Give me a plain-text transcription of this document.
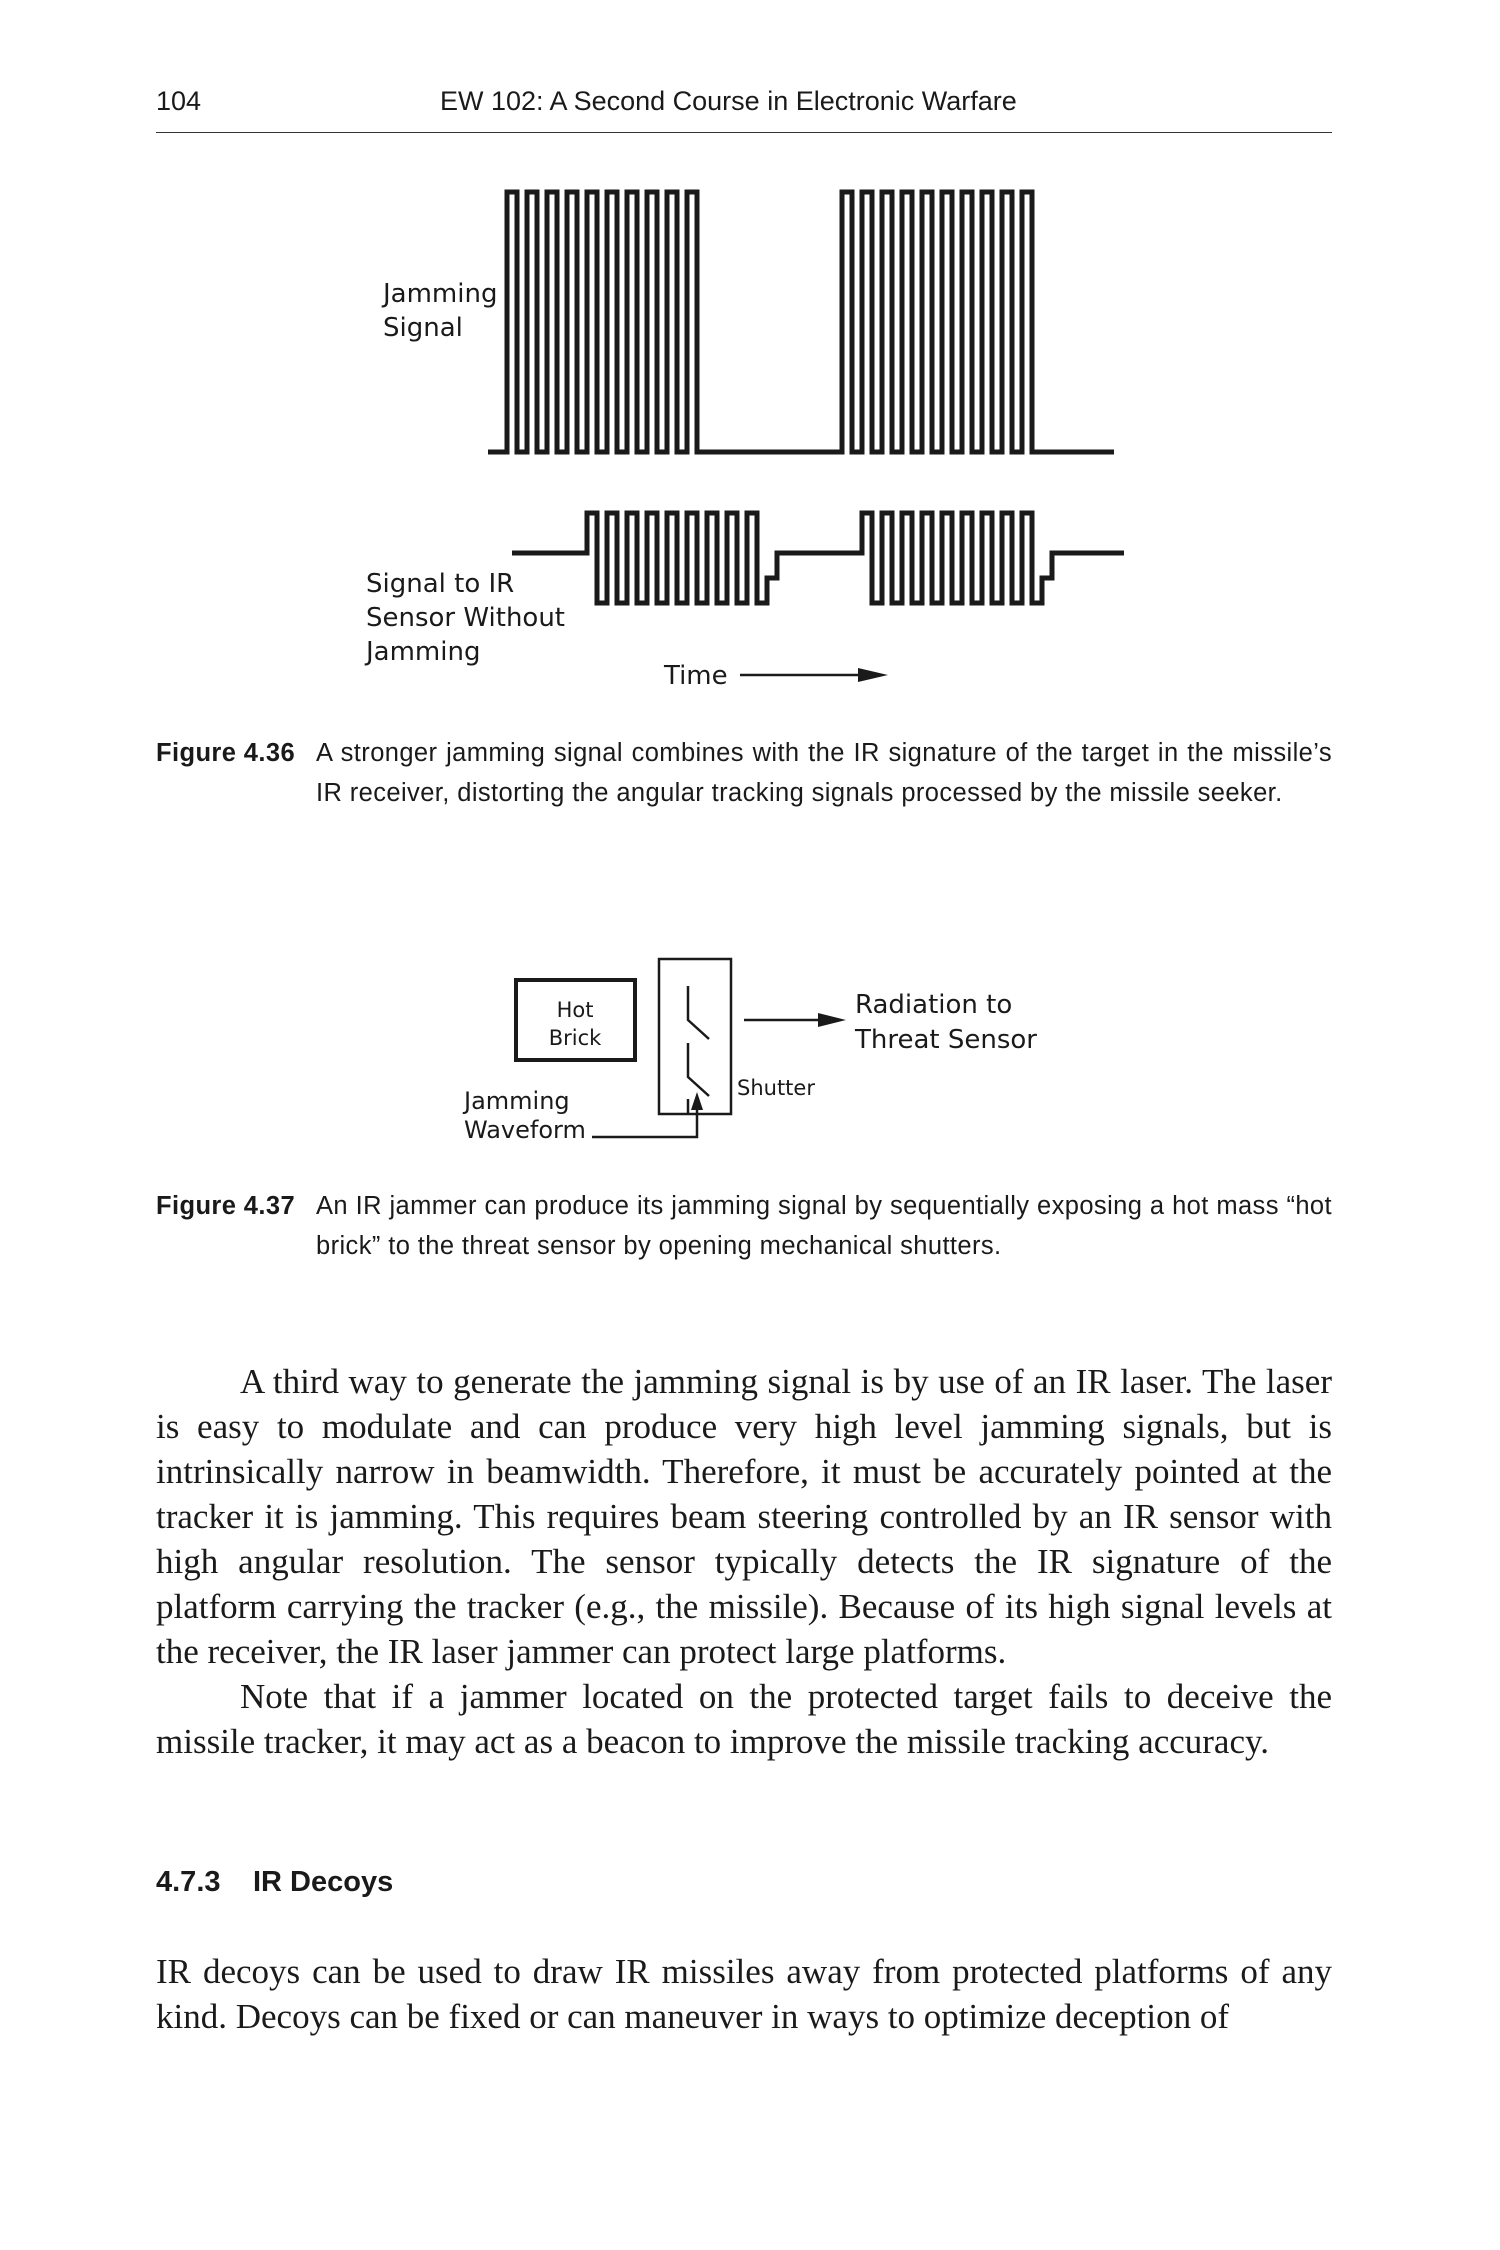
104	EW 102: A Second Course in Electronic Warfare
Jamming
Signal
Signal to IR
Sensor Without
Jamming
Time
Figure 4.36 A stronger jamming signal combines with the IR signature of the target in the missile’s IR receiver, distorting the angular tracking signals processed by the missile seeker.
Hot
Brick
Radiation to
Threat Sensor
Shutter
Jamming
Waveform
Figure 4.37 An IR jammer can produce its jamming signal by sequentially exposing a hot mass “hot brick” to the threat sensor by opening mechanical shutters.

A third way to generate the jamming signal is by use of an IR laser. The laser is easy to modulate and can produce very high level jamming signals, but is intrinsically narrow in beamwidth. Therefore, it must be accurately pointed at the tracker it is jamming. This requires beam steering controlled by an IR sensor with high angular resolution. The sensor typically detects the IR signature of the platform carrying the tracker (e.g., the missile). Because of its high signal levels at the receiver, the IR laser jammer can protect large platforms.

Note that if a jammer located on the protected target fails to deceive the missile tracker, it may act as a beacon to improve the missile tracking accuracy.

4.7.3 IR Decoys

IR decoys can be used to draw IR missiles away from protected platforms of any kind. Decoys can be fixed or can maneuver in ways to optimize deception of
